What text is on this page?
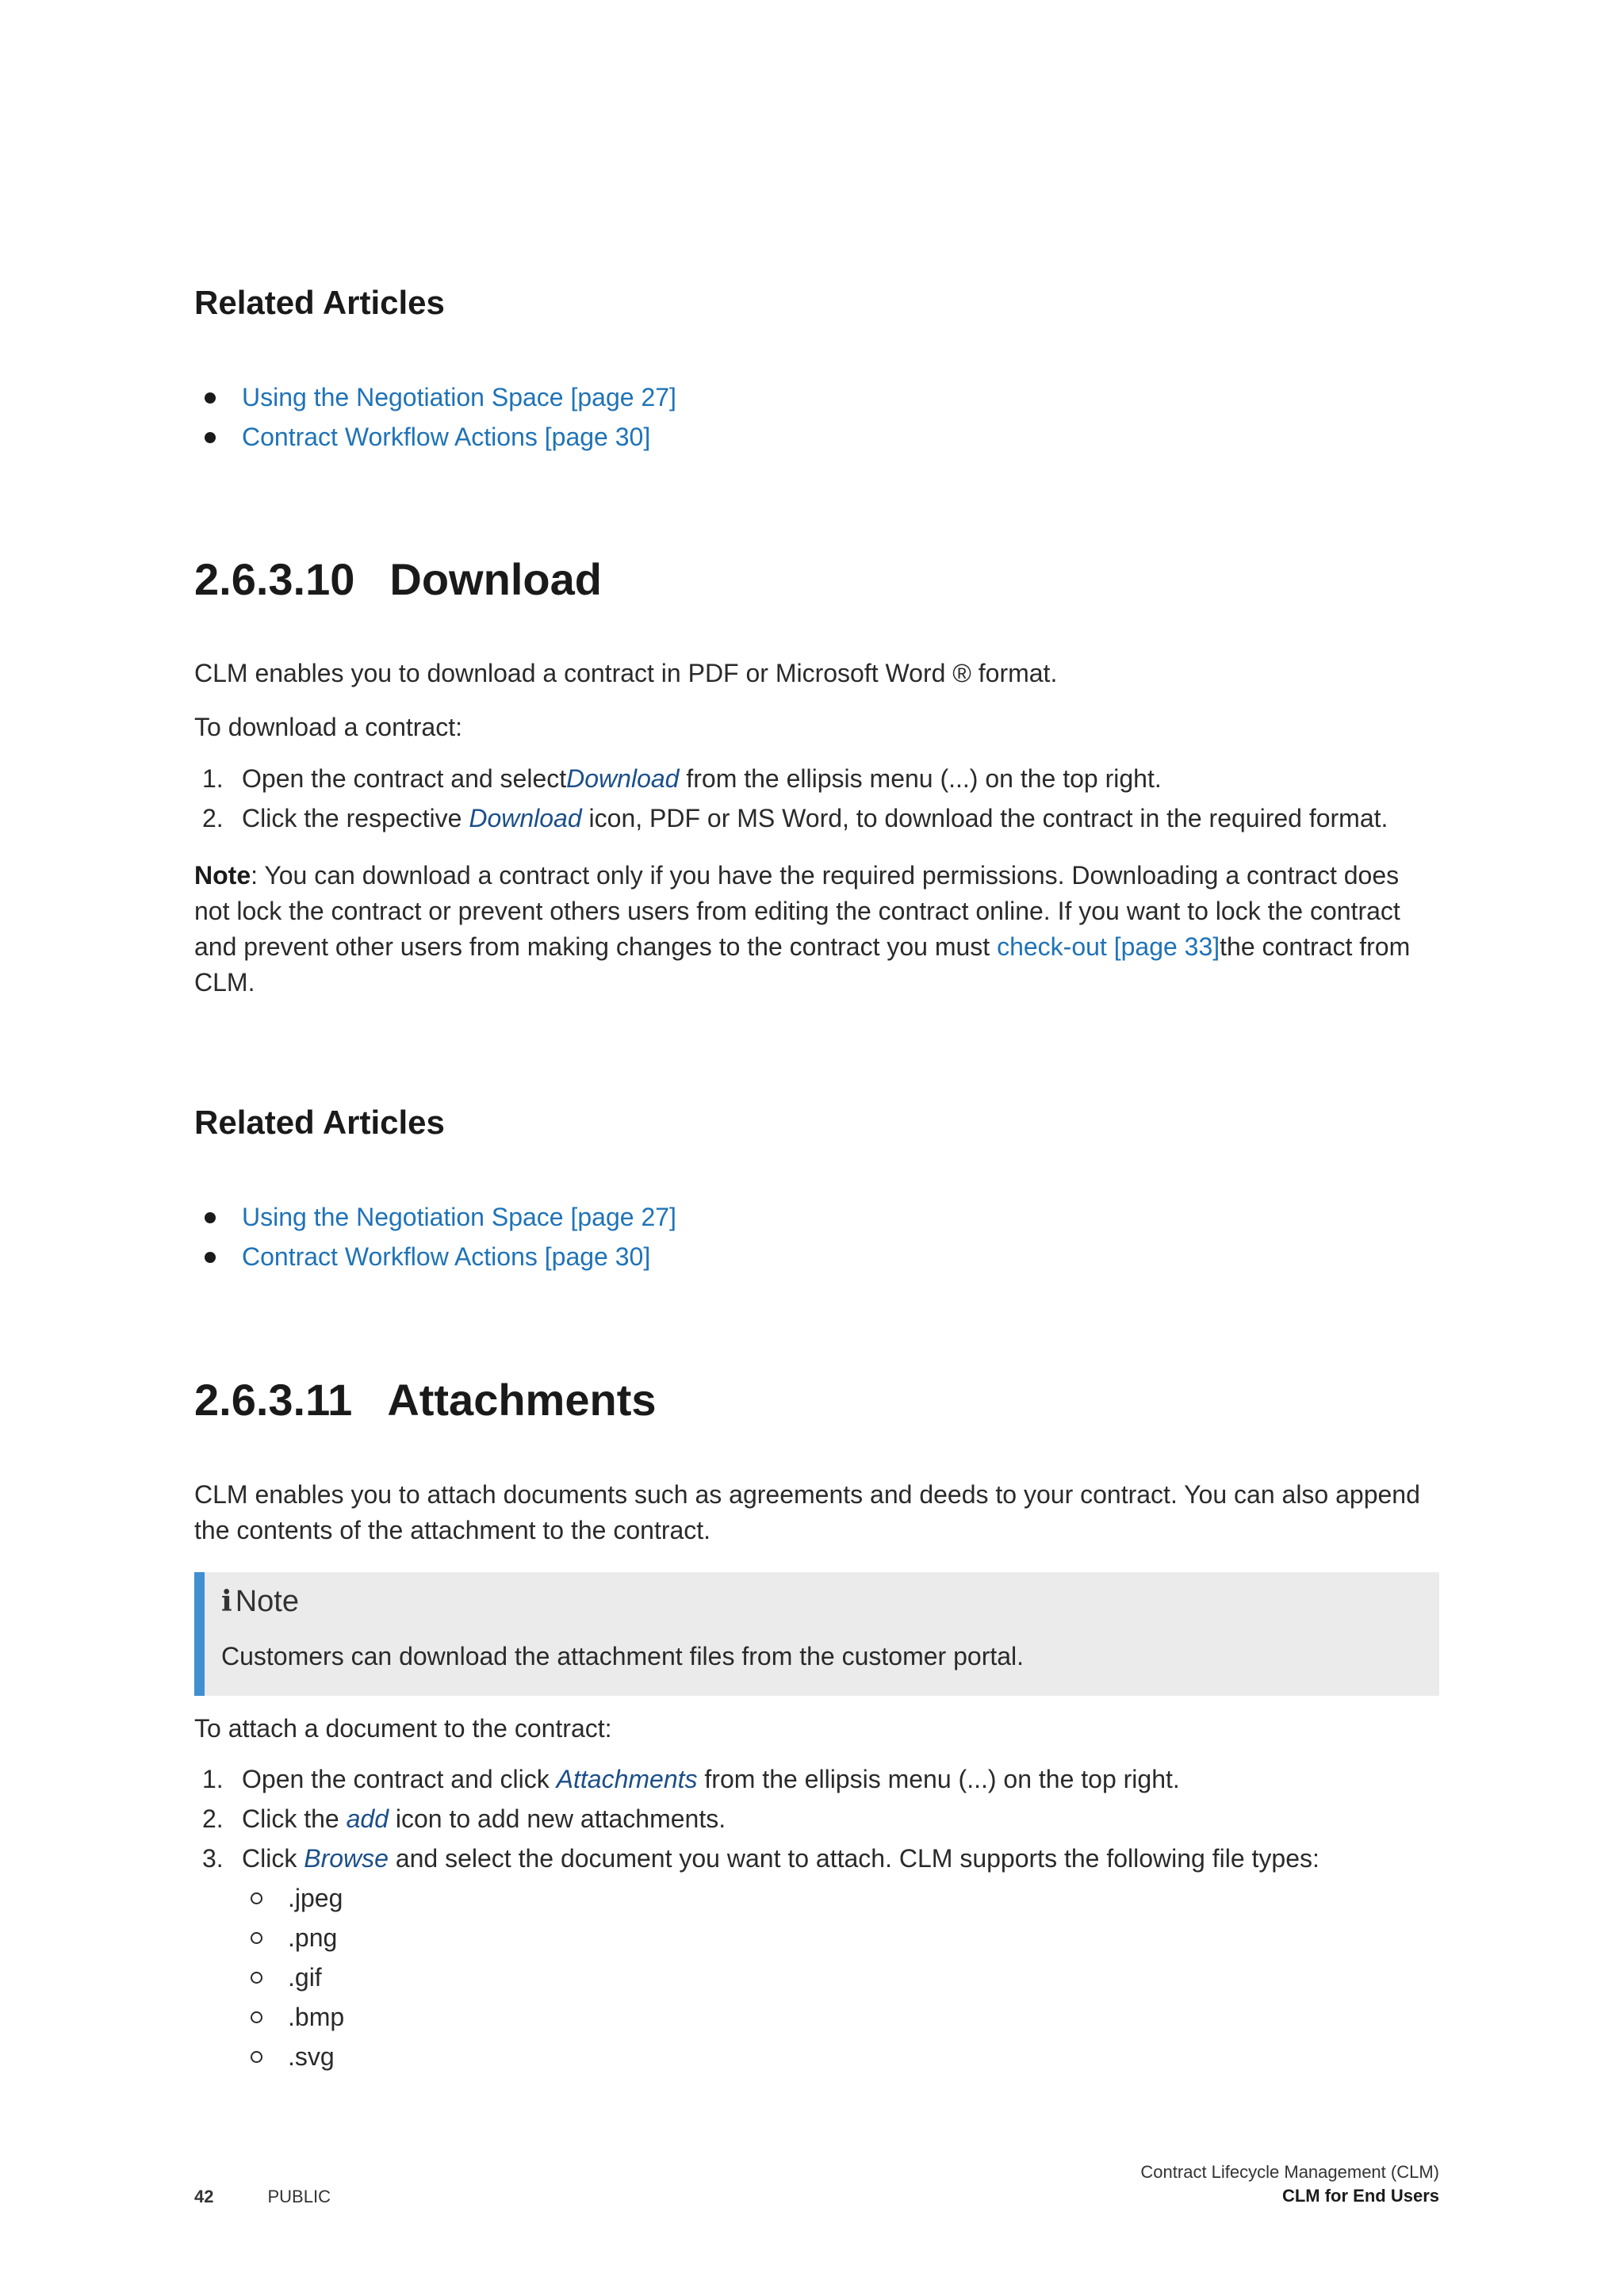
Related Articles
Using the Negotiation Space [page 27]
Contract Workflow Actions [page 30]
2.6.3.10 Download

CLM enables you to download a contract in PDF or Microsoft Word ® format.

To download a contract:

1. Open the contract and selectDownload from the ellipsis menu (...) on the top right.
2. Click the respective Download icon, PDF or MS Word, to download the contract in the required format.

Note: You can download a contract only if you have the required permissions. Downloading a contract does not lock the contract or prevent others users from editing the contract online. If you want to lock the contract and prevent other users from making changes to the contract you must check-out [page 33]the contract from CLM.

Related Articles
Using the Negotiation Space [page 27]
Contract Workflow Actions [page 30]
2.6.3.11 Attachments

CLM enables you to attach documents such as agreements and deeds to your contract. You can also append the contents of the attachment to the contract.

i Note
Customers can download the attachment files from the customer portal.

To attach a document to the contract:

1. Open the contract and click Attachments from the ellipsis menu (...) on the top right.
2. Click the add icon to add new attachments.
3. Click Browse and select the document you want to attach. CLM supports the following file types:
.jpeg
.png
.gif
.bmp
.svg
42	PUBLIC
Contract Lifecycle Management (CLM)
CLM for End Users
